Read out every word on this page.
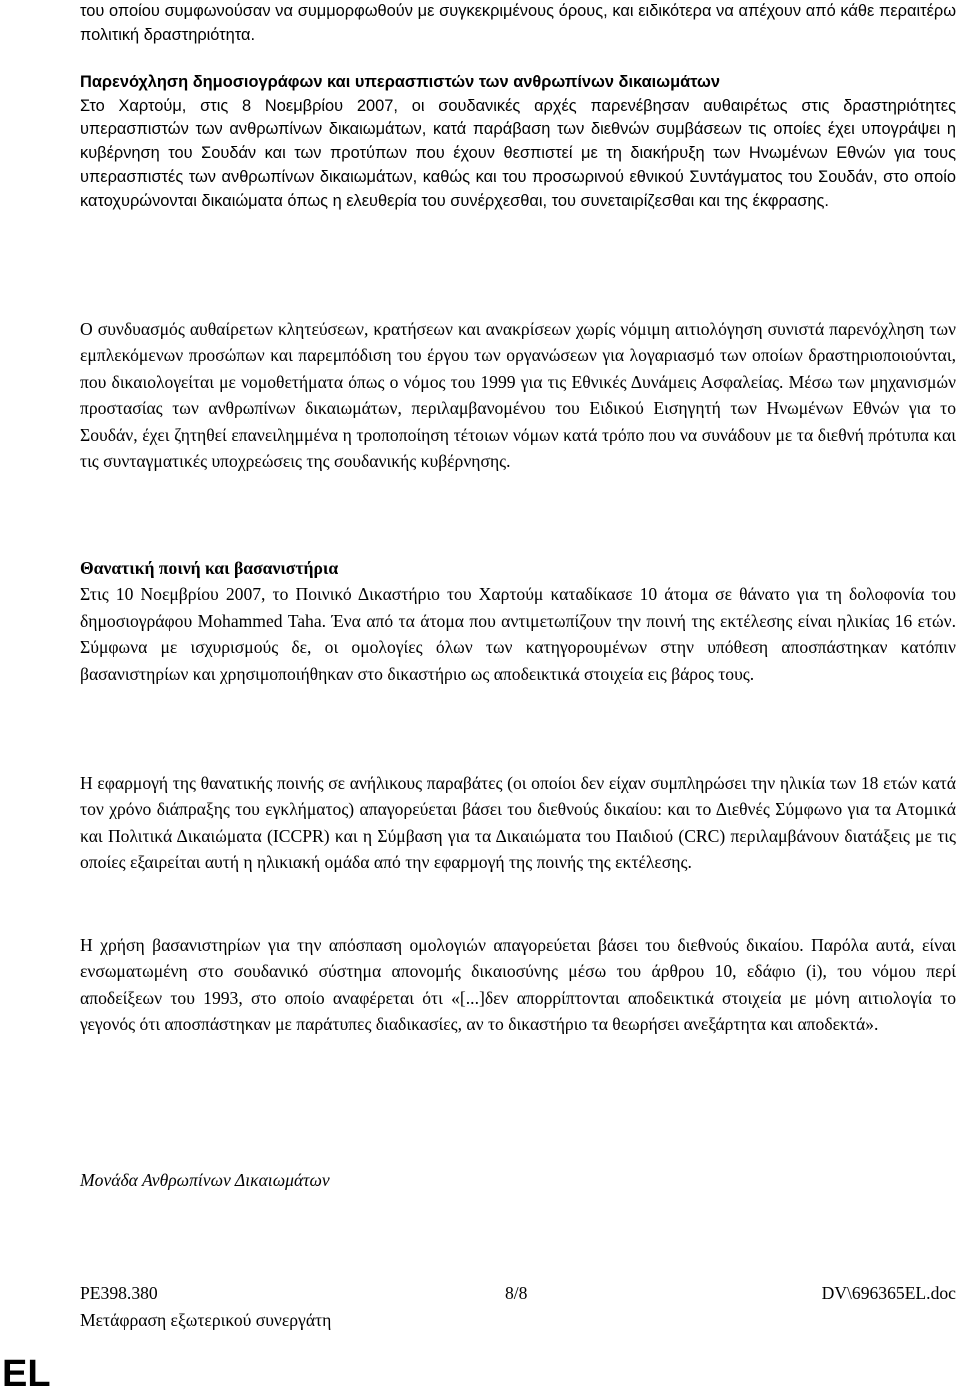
του οποίου συμφωνούσαν να συμμορφωθούν με συγκεκριμένους όρους, και ειδικότερα να απέχουν από κάθε περαιτέρω πολιτική δραστηριότητα.

Παρενόχληση δημοσιογράφων και υπερασπιστών των ανθρωπίνων δικαιωμάτων
Στο Χαρτούμ, στις 8 Νοεμβρίου 2007, οι σουδανικές αρχές παρενέβησαν αυθαιρέτως στις δραστηριότητες υπερασπιστών των ανθρωπίνων δικαιωμάτων, κατά παράβαση των διεθνών συμβάσεων τις οποίες έχει υπογράψει η κυβέρνηση του Σουδάν και των προτύπων που έχουν θεσπιστεί με τη διακήρυξη των Ηνωμένων Εθνών για τους υπερασπιστές των ανθρωπίνων δικαιωμάτων, καθώς και του προσωρινού εθνικού Συντάγματος του Σουδάν, στο οποίο κατοχυρώνονται δικαιώματα όπως η ελευθερία του συνέρχεσθαι, του συνεταιρίζεσθαι και της έκφρασης.

Ο συνδυασμός αυθαίρετων κλητεύσεων, κρατήσεων και ανακρίσεων χωρίς νόμιμη αιτιολόγηση συνιστά παρενόχληση των εμπλεκόμενων προσώπων και παρεμπόδιση του έργου των οργανώσεων για λογαριασμό των οποίων δραστηριοποιούνται, που δικαιολογείται με νομοθετήματα όπως ο νόμος του 1999 για τις Εθνικές Δυνάμεις Ασφαλείας. Μέσω των μηχανισμών προστασίας των ανθρωπίνων δικαιωμάτων, περιλαμβανομένου του Ειδικού Εισηγητή των Ηνωμένων Εθνών για το Σουδάν, έχει ζητηθεί επανειλημμένα η τροποποίηση τέτοιων νόμων κατά τρόπο που να συνάδουν με τα διεθνή πρότυπα και τις συνταγματικές υποχρεώσεις της σουδανικής κυβέρνησης.

Θανατική ποινή και βασανιστήρια
Στις 10 Νοεμβρίου 2007, το Ποινικό Δικαστήριο του Χαρτούμ καταδίκασε 10 άτομα σε θάνατο για τη δολοφονία του δημοσιογράφου Mohammed Taha. Ένα από τα άτομα που αντιμετωπίζουν την ποινή της εκτέλεσης είναι ηλικίας 16 ετών. Σύμφωνα με ισχυρισμούς δε, οι ομολογίες όλων των κατηγορουμένων στην υπόθεση αποσπάστηκαν κατόπιν βασανιστηρίων και χρησιμοποιήθηκαν στο δικαστήριο ως αποδεικτικά στοιχεία εις βάρος τους.

Η εφαρμογή της θανατικής ποινής σε ανήλικους παραβάτες (οι οποίοι δεν είχαν συμπληρώσει την ηλικία των 18 ετών κατά τον χρόνο διάπραξης του εγκλήματος) απαγορεύεται βάσει του διεθνούς δικαίου: και το Διεθνές Σύμφωνο για τα Ατομικά και Πολιτικά Δικαιώματα (ICCPR) και η Σύμβαση για τα Δικαιώματα του Παιδιού (CRC) περιλαμβάνουν διατάξεις με τις οποίες εξαιρείται αυτή η ηλικιακή ομάδα από την εφαρμογή της ποινής της εκτέλεσης.

Η χρήση βασανιστηρίων για την απόσπαση ομολογιών απαγορεύεται βάσει του διεθνούς δικαίου. Παρόλα αυτά, είναι ενσωματωμένη στο σουδανικό σύστημα απονομής δικαιοσύνης μέσω του άρθρου 10, εδάφιο (i), του νόμου περί αποδείξεων του 1993, στο οποίο αναφέρεται ότι «[...]δεν απορρίπτονται αποδεικτικά στοιχεία με μόνη αιτιολογία το γεγονός ότι αποσπάστηκαν με παράτυπες διαδικασίες, αν το δικαστήριο τα θεωρήσει ανεξάρτητα και αποδεκτά».

Μονάδα Ανθρωπίνων Δικαιωμάτων
PE398.380	8/8	DV\696365EL.doc
Μετάφραση εξωτερικού συνεργάτη
EL
